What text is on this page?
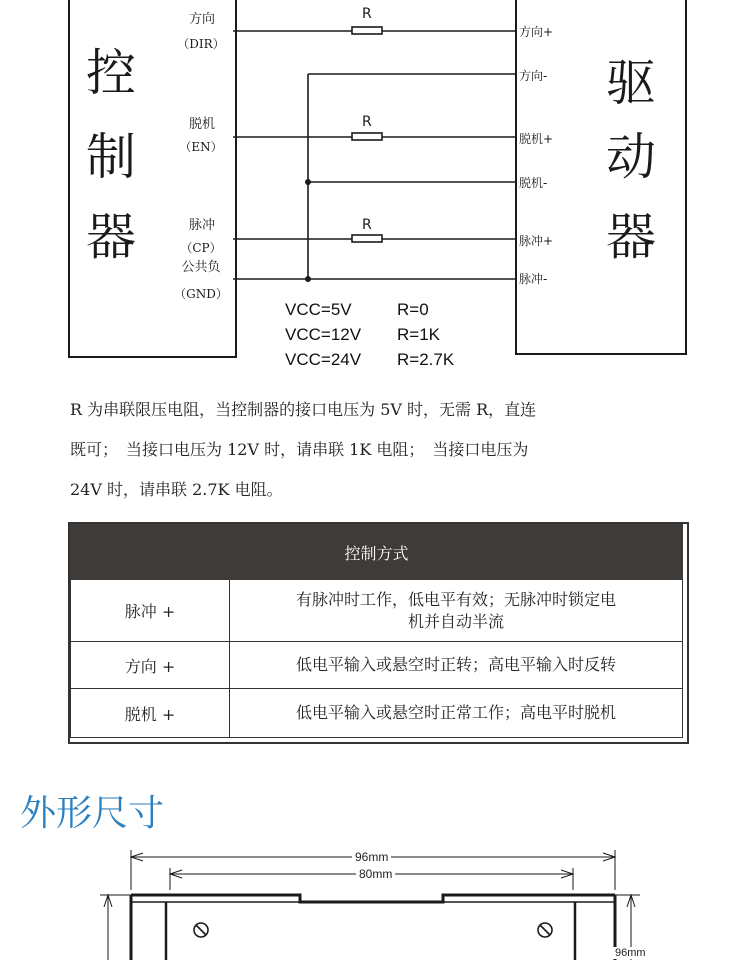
控
制
器
驱
动
器
方向
（DIR）
脱机
（EN）
脉冲
（CP）
公共负
（GND）
方向+
方向-
脱机+
脱机-
脉冲+
脉冲-
R
R
R
VCC=5V	R=0
VCC=12V R=1K
VCC=24V R=2.7K
R 为串联限压电阻，当控制器的接口电压为 5V 时，无需 R，直连
既可；　当接口电压为 12V 时，请串联 1K 电阻；　当接口电压为
24V 时，请串联 2.7K 电阻。
控制方式	
脉冲 +	有脉冲时工作，低电平有效；无脉冲时锁定电
机并自动半流

方向 +	低电平输入或悬空时正转；高电平输入时反转
脱机 +	低电平输入或悬空时正常工作；高电平时脱机
外形尺寸
96mm
80mm
96mm
